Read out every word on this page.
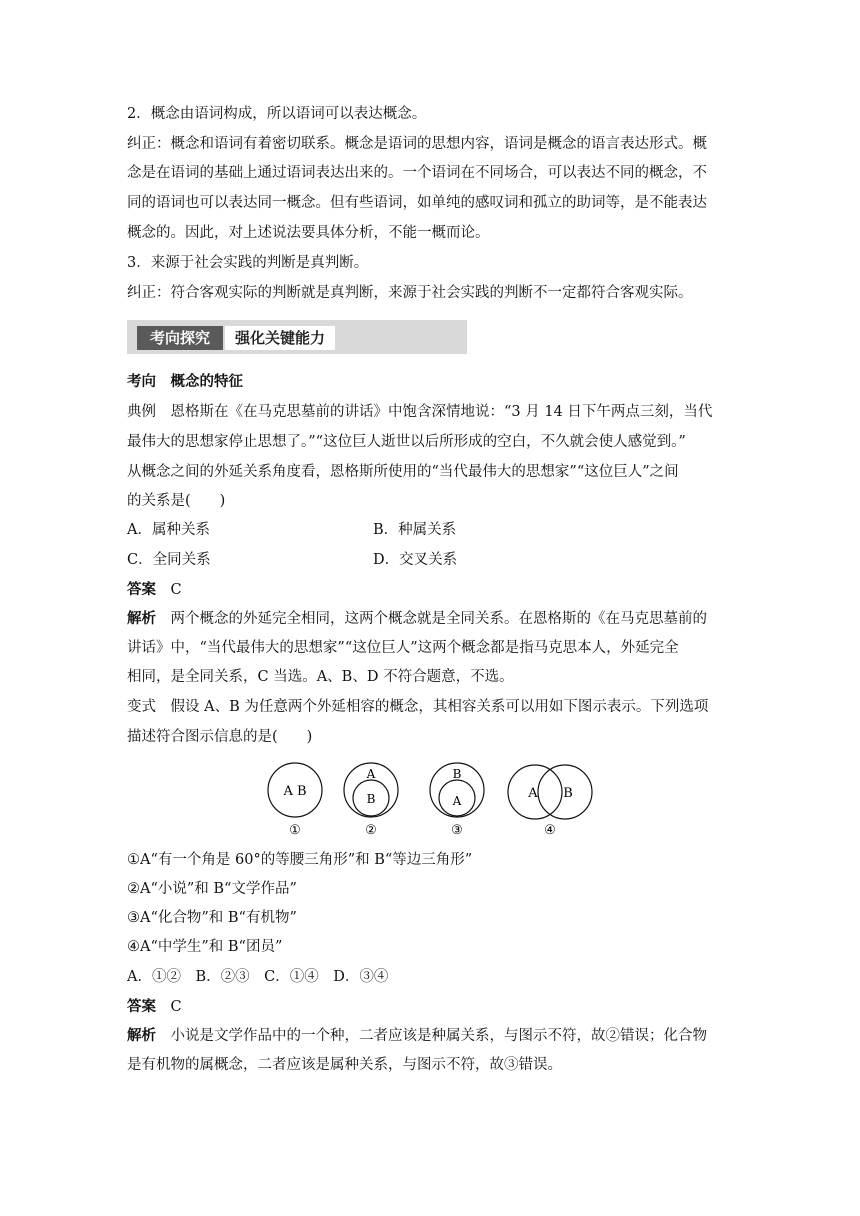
2．概念由语词构成，所以语词可以表达概念。
纠正：概念和语词有着密切联系。概念是语词的思想内容，语词是概念的语言表达形式。概
念是在语词的基础上通过语词表达出来的。一个语词在不同场合，可以表达不同的概念，不
同的语词也可以表达同一概念。但有些语词，如单纯的感叹词和孤立的助词等，是不能表达
概念的。因此，对上述说法要具体分析，不能一概而论。
3．来源于社会实践的判断是真判断。
纠正：符合客观实际的判断就是真判断，来源于社会实践的判断不一定都符合客观实际。
考向探究	强化关键能力
考向　概念的特征
典例　恩格斯在《在马克思墓前的讲话》中饱含深情地说：“3 月 14 日下午两点三刻，当代
最伟大的思想家停止思想了。”“这位巨人逝世以后所形成的空白，不久就会使人感觉到。”
从概念之间的外延关系角度看，恩格斯所使用的“当代最伟大的思想家”“这位巨人”之间
的关系是(　　)
A．属种关系	B．种属关系
C．全同关系	D．交叉关系
答案　 C
解析　 两个概念的外延完全相同，这两个概念就是全同关系。在恩格斯的《在马克思墓前的
讲话》中，“当代最伟大的思想家”“这位巨人”这两个概念都是指马克思本人，外延完全
相同，是全同关系，C 当选。A、B、D 不符合题意，不选。
变式　假设 A、B 为任意两个外延相容的概念，其相容关系可以用如下图示表示。下列选项
描述符合图示信息的是(　　)
A B
①
A
B
②
B
A
③
A B
④
①A“有一个角是 60°的等腰三角形”和 B“等边三角形”
②A“小说”和 B“文学作品”
③A“化合物”和 B“有机物”
④A“中学生”和 B“团员”
A．①②　B．②③　C．①④　D．③④
答案　 C
解析　 小说是文学作品中的一个种，二者应该是种属关系，与图示不符，故②错误；化合物
是有机物的属概念，二者应该是属种关系，与图示不符，故③错误。
